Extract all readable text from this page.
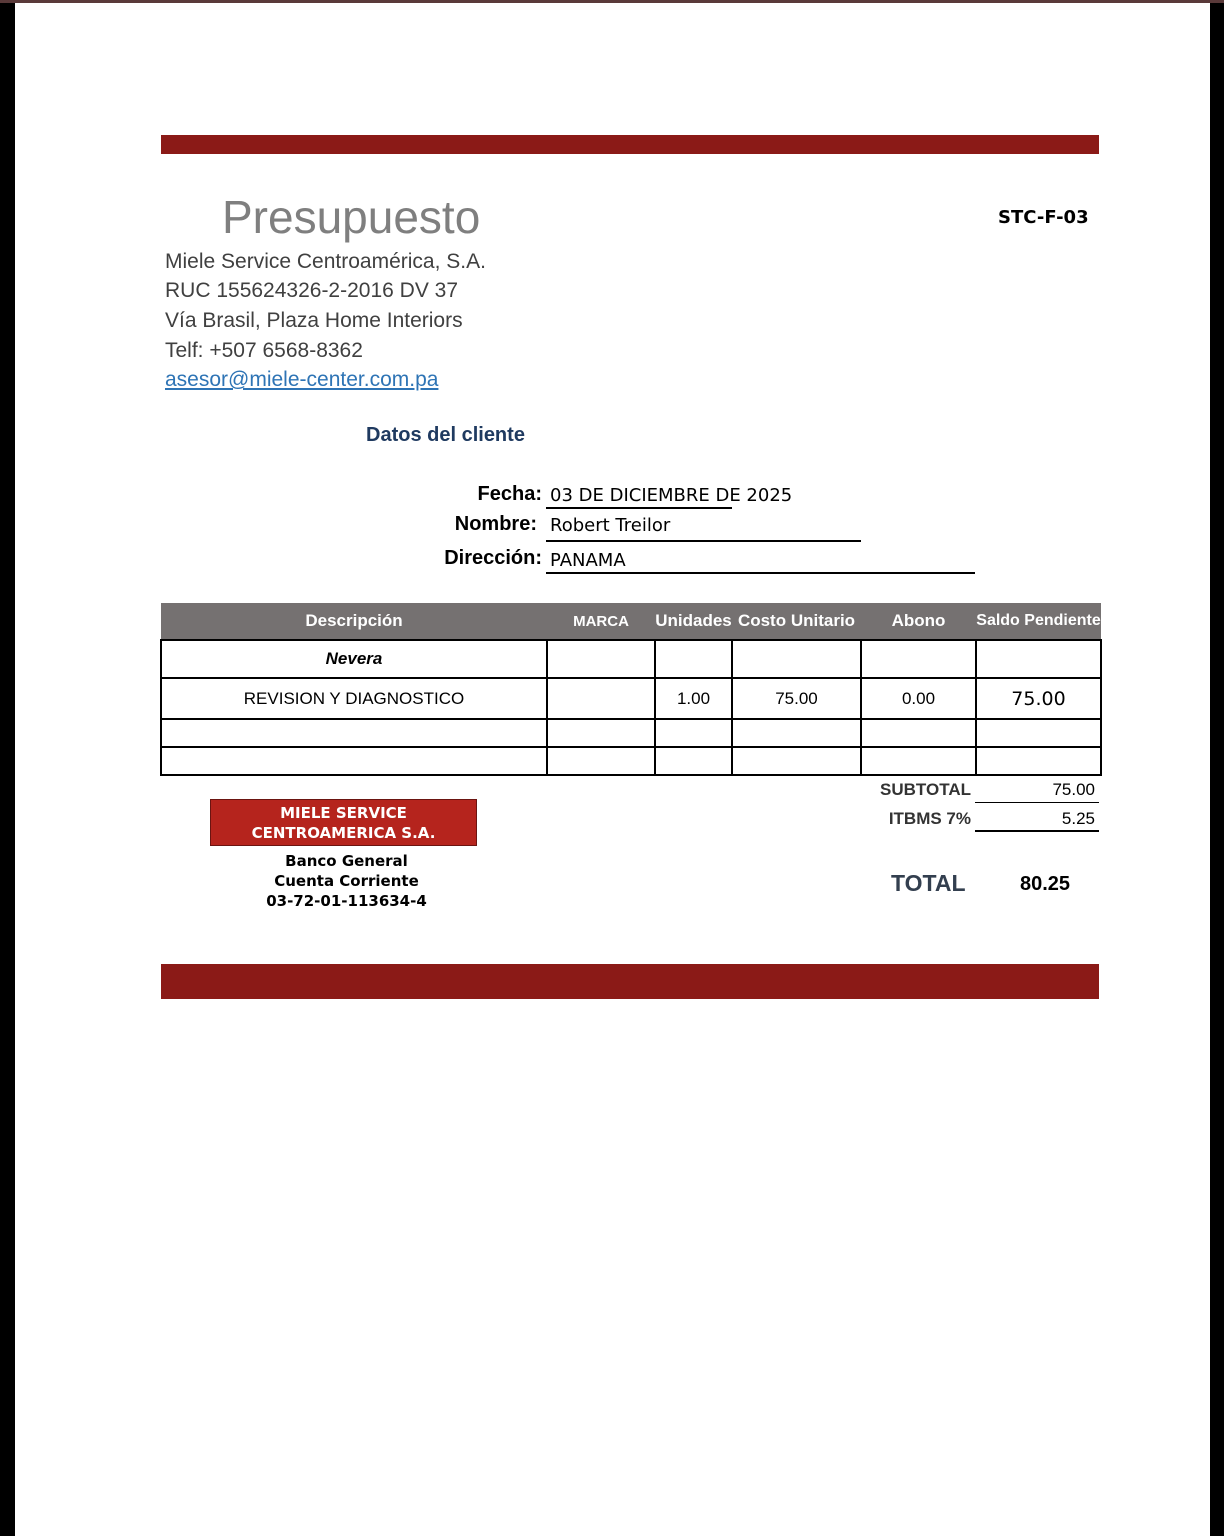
Presupuesto	STC-F-03
Miele Service Centroamérica, S.A.
RUC 155624326-2-2016 DV 37
Vía Brasil, Plaza Home Interiors
Telf: +507 6568-8362
asesor@miele-center.com.pa
Datos del cliente
Fecha: 03 DE DICIEMBRE DE 2025
Nombre: Robert Treilor
Dirección: PANAMA
Descripción	MARCA	Unidades	Costo Unitario	Abono	Saldo Pendiente
Nevera					
REVISION Y DIAGNOSTICO		1.00	75.00	0.00	75.00

SUBTOTAL	75.00
ITBMS 7%	5.25
TOTAL	80.25
MIELE SERVICE
CENTROAMERICA S.A.
Banco General
Cuenta Corriente
03-72-01-113634-4
